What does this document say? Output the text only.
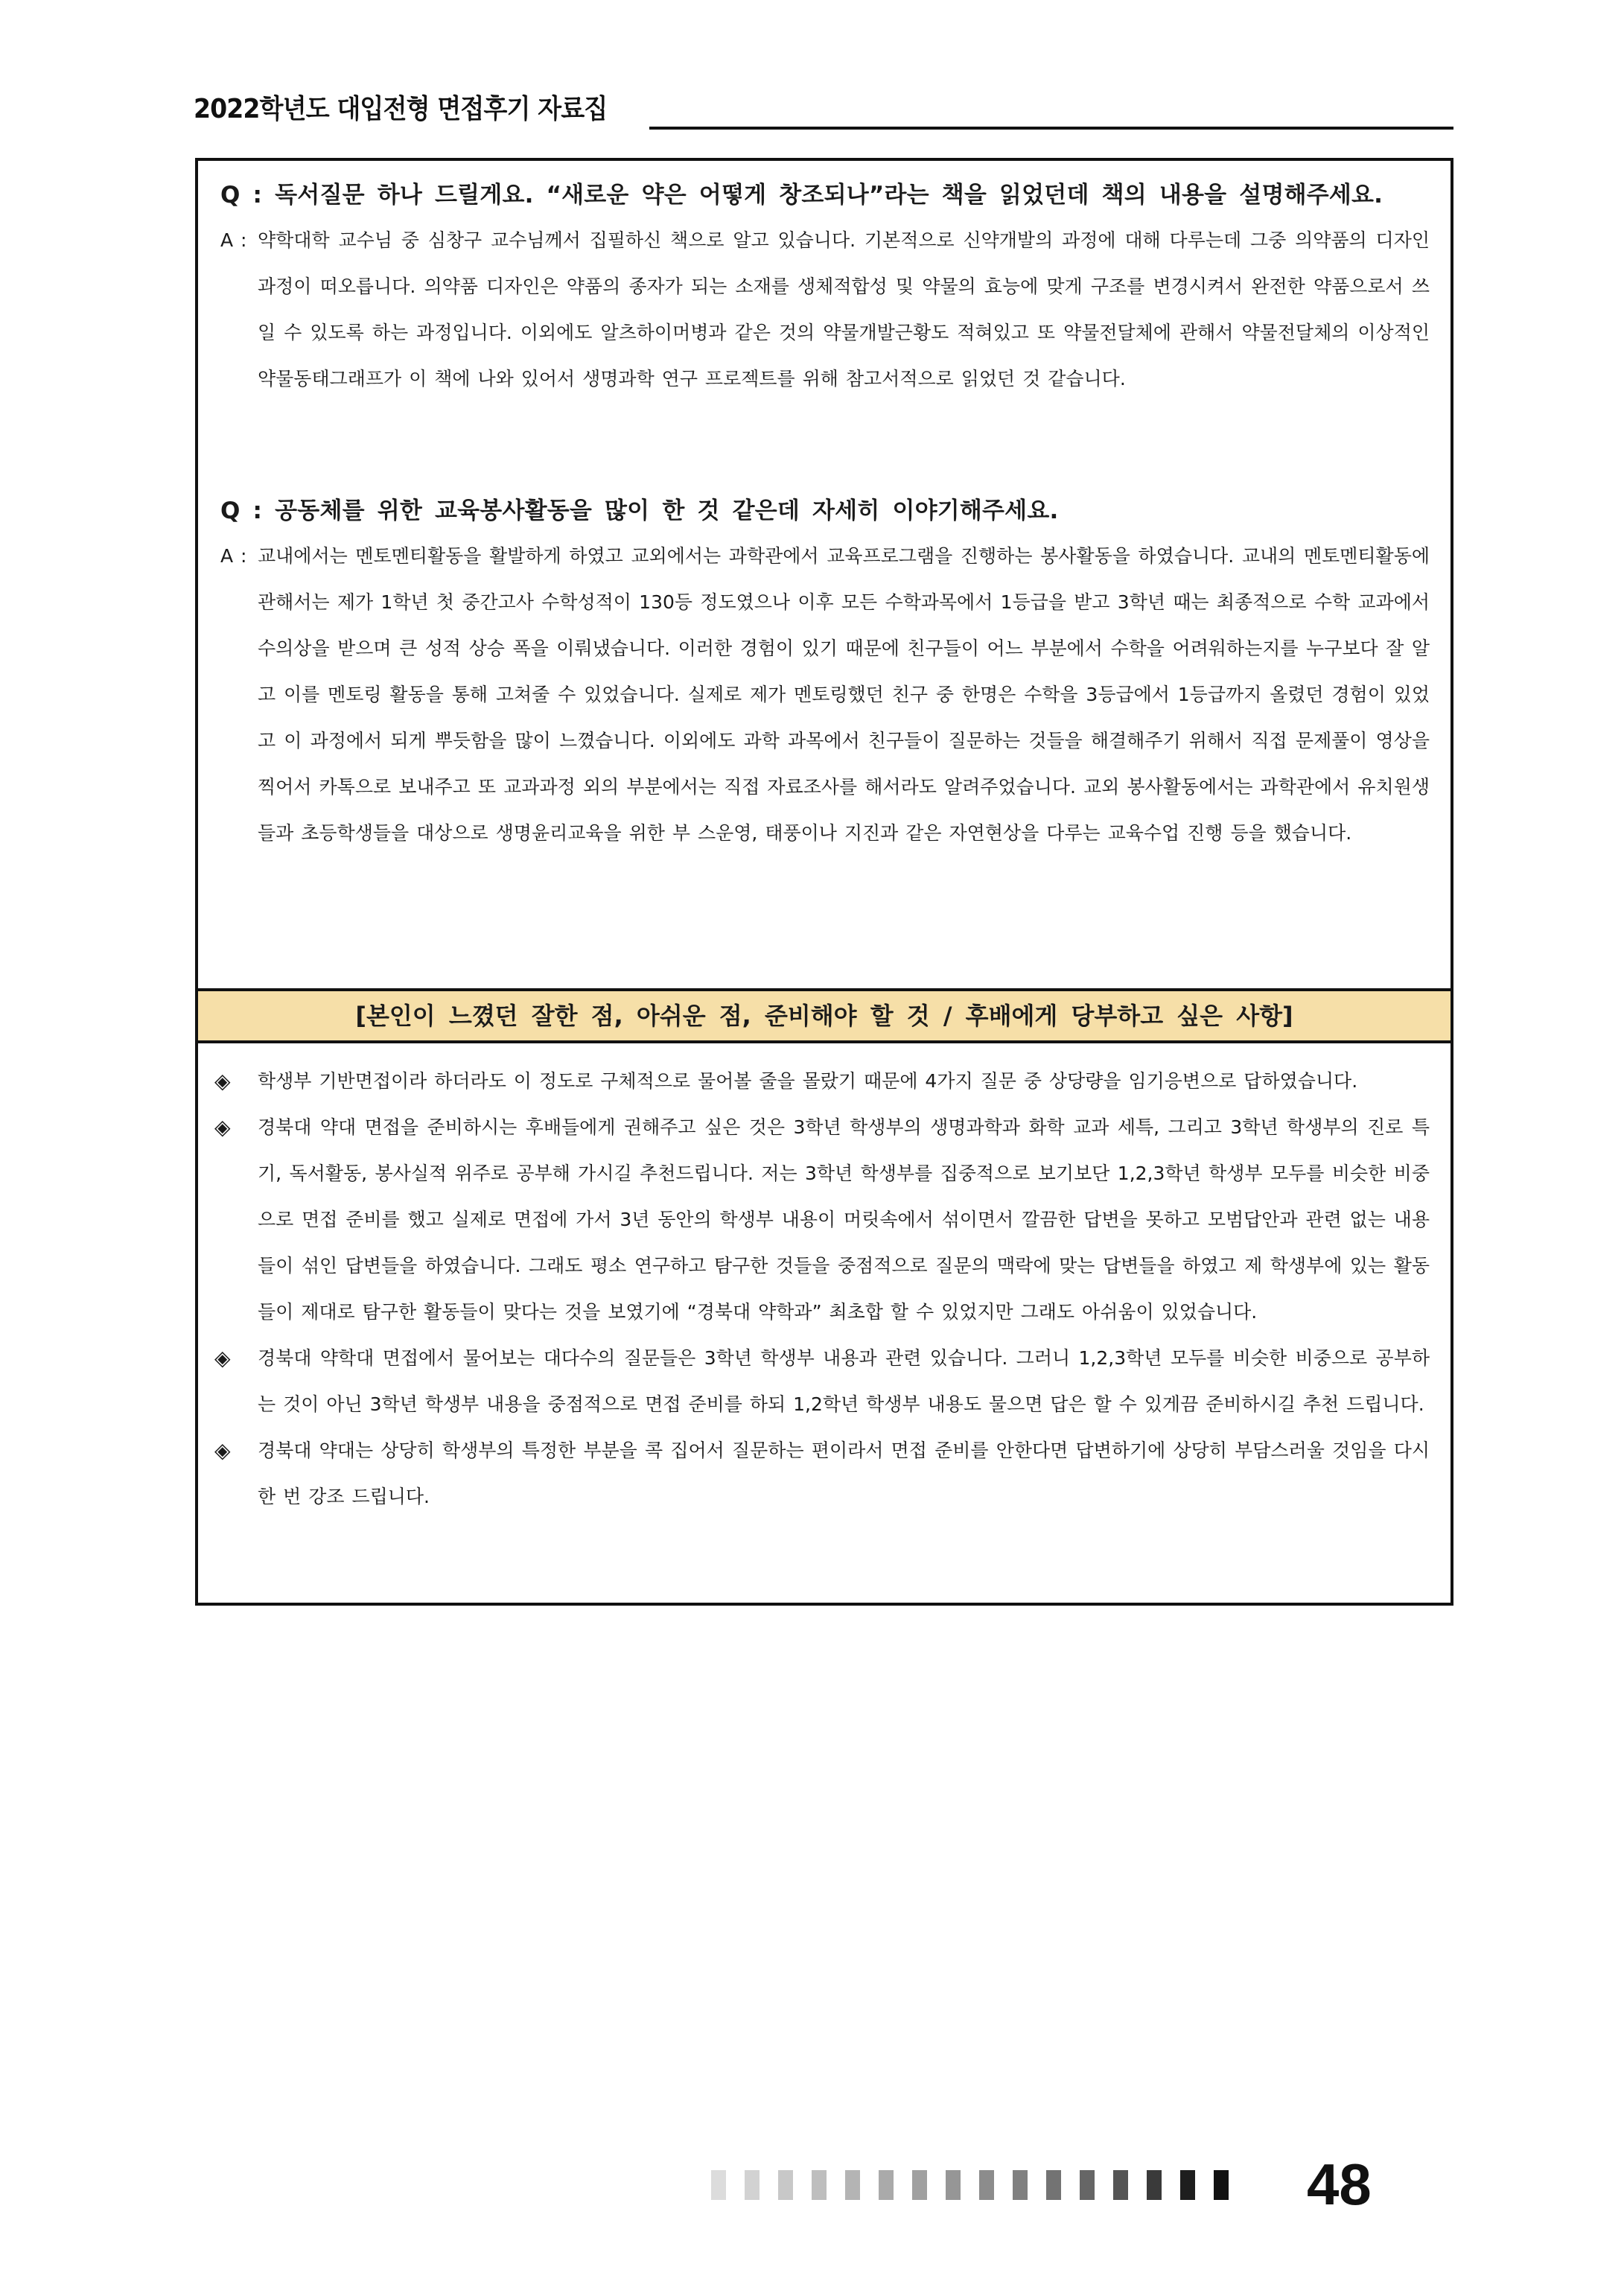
2022학년도 대입전형 면접후기 자료집
Q : 독서질문 하나 드릴게요. “새로운 약은 어떻게 창조되나”라는 책을 읽었던데 책의 내용을 설명해주세요.
A : 약학대학 교수님 중 심창구 교수님께서 집필하신 책으로 알고 있습니다. 기본적으로 신약개발의 과정에 대해 다루는데 그중 의약품의 디자인 과정이 떠오릅니다. 의약품 디자인은 약품의 종자가 되는 소재를 생체적합성 및 약물의 효능에 맞게 구조를 변경시켜서 완전한 약품으로서 쓰일 수 있도록 하는 과정입니다. 이외에도 알츠하이머병과 같은 것의 약물개발근황도 적혀있고 또 약물전달체에 관해서 약물전달체의 이상적인 약물동태그래프가 이 책에 나와 있어서 생명과학 연구 프로젝트를 위해 참고서적으로 읽었던 것 같습니다.
Q : 공동체를 위한 교육봉사활동을 많이 한 것 같은데 자세히 이야기해주세요.
A : 교내에서는 멘토멘티활동을 활발하게 하였고 교외에서는 과학관에서 교육프로그램을 진행하는 봉사활동을 하였습니다. 교내의 멘토멘티활동에 관해서는 제가 1학년 첫 중간고사 수학성적이 130등 정도였으나 이후 모든 수학과목에서 1등급을 받고 3학년 때는 최종적으로 수학 교과에서 수의상을 받으며 큰 성적 상승 폭을 이뤄냈습니다. 이러한 경험이 있기 때문에 친구들이 어느 부분에서 수학을 어려워하는지를 누구보다 잘 알고 이를 멘토링 활동을 통해 고쳐줄 수 있었습니다. 실제로 제가 멘토링했던 친구 중 한명은 수학을 3등급에서 1등급까지 올렸던 경험이 있었고 이 과정에서 되게 뿌듯함을 많이 느꼈습니다. 이외에도 과학 과목에서 친구들이 질문하는 것들을 해결해주기 위해서 직접 문제풀이 영상을 찍어서 카톡으로 보내주고 또 교과과정 외의 부분에서는 직접 자료조사를 해서라도 알려주었습니다. 교외 봉사활동에서는 과학관에서 유치원생들과 초등학생들을 대상으로 생명윤리교육을 위한 부 스운영, 태풍이나 지진과 같은 자연현상을 다루는 교육수업 진행 등을 했습니다.
[본인이 느꼈던 잘한 점, 아쉬운 점, 준비해야 할 것 / 후배에게 당부하고 싶은 사항]
◈ 학생부 기반면접이라 하더라도 이 정도로 구체적으로 물어볼 줄을 몰랐기 때문에 4가지 질문 중 상당량을 임기응변으로 답하였습니다.
◈ 경북대 약대 면접을 준비하시는 후배들에게 권해주고 싶은 것은 3학년 학생부의 생명과학과 화학 교과 세특, 그리고 3학년 학생부의 진로 특기, 독서활동, 봉사실적 위주로 공부해 가시길 추천드립니다. 저는 3학년 학생부를 집중적으로 보기보단 1,2,3학년 학생부 모두를 비슷한 비중으로 면접 준비를 했고 실제로 면접에 가서 3년 동안의 학생부 내용이 머릿속에서 섞이면서 깔끔한 답변을 못하고 모범답안과 관련 없는 내용들이 섞인 답변들을 하였습니다. 그래도 평소 연구하고 탐구한 것들을 중점적으로 질문의 맥락에 맞는 답변들을 하였고 제 학생부에 있는 활동들이 제대로 탐구한 활동들이 맞다는 것을 보였기에 “경북대 약학과” 최초합 할 수 있었지만 그래도 아쉬움이 있었습니다.
◈ 경북대 약학대 면접에서 물어보는 대다수의 질문들은 3학년 학생부 내용과 관련 있습니다. 그러니 1,2,3학년 모두를 비슷한 비중으로 공부하는 것이 아닌 3학년 학생부 내용을 중점적으로 면접 준비를 하되 1,2학년 학생부 내용도 물으면 답은 할 수 있게끔 준비하시길 추천 드립니다.
◈ 경북대 약대는 상당히 학생부의 특정한 부분을 콕 집어서 질문하는 편이라서 면접 준비를 안한다면 답변하기에 상당히 부담스러울 것임을 다시 한 번 강조 드립니다.
48
